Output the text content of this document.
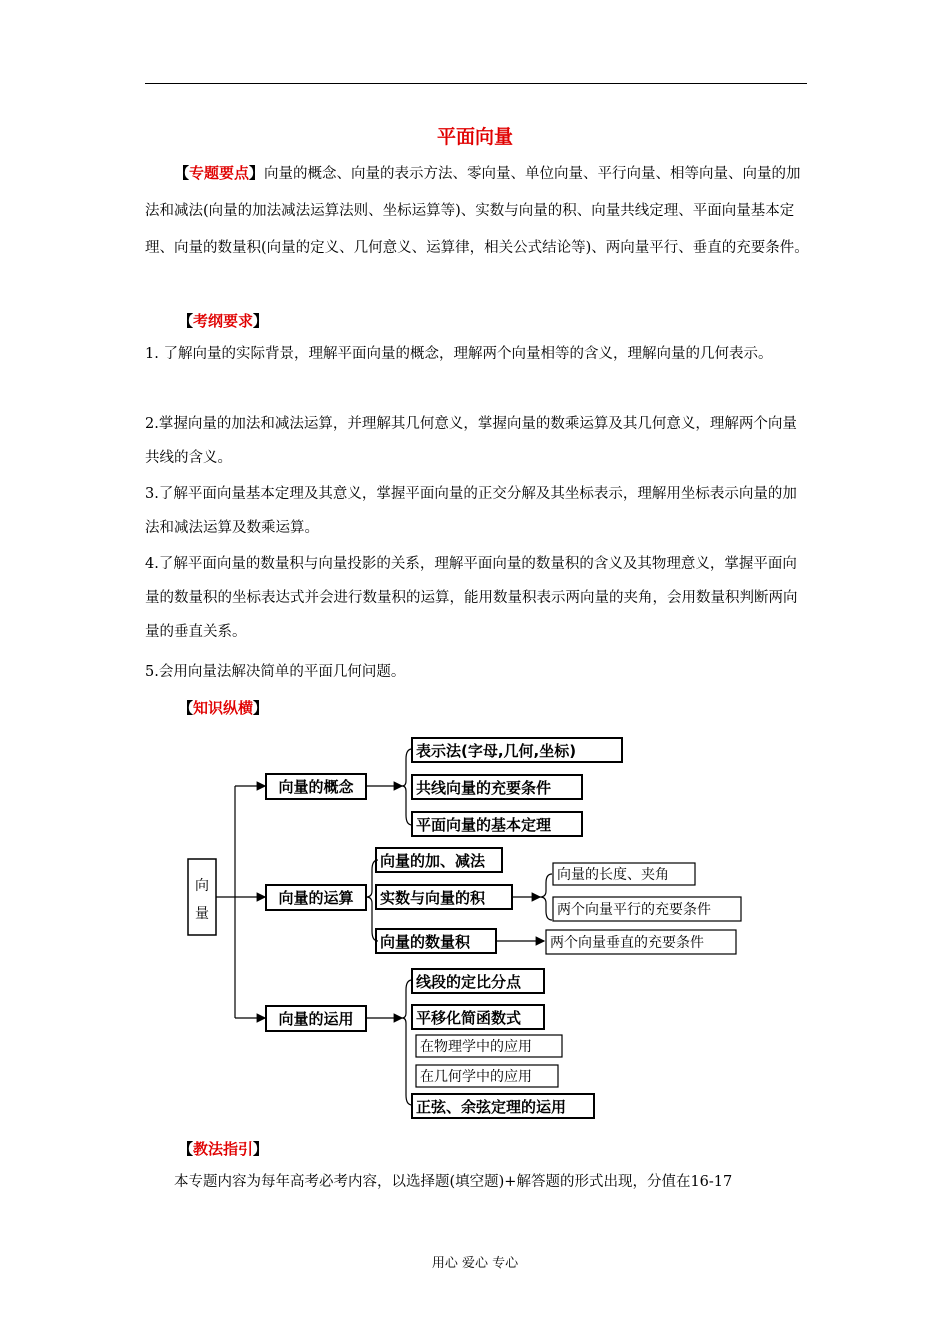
平面向量

【专题要点】向量的概念、向量的表示方法、零向量、单位向量、平行向量、相等向量、向量的加法和减法(向量的加法减法运算法则、坐标运算等)、实数与向量的积、向量共线定理、平面向量基本定理、向量的数量积(向量的定义、几何意义、运算律，相关公式结论等)、两向量平行、垂直的充要条件。

【考纲要求】

1. 了解向量的实际背景，理解平面向量的概念，理解两个向量相等的含义，理解向量的几何表示。

2.掌握向量的加法和减法运算，并理解其几何意义，掌握向量的数乘运算及其几何意义，理解两个向量共线的含义。

3.了解平面向量基本定理及其意义，掌握平面向量的正交分解及其坐标表示，理解用坐标表示向量的加法和减法运算及数乘运算。

4.了解平面向量的数量积与向量投影的关系，理解平面向量的数量积的含义及其物理意义，掌握平面向量的数量积的坐标表达式并会进行数量积的运算，能用数量积表示两向量的夹角，会用数量积判断两向量的垂直关系。

5.会用向量法解决简单的平面几何问题。

【知识纵横】
向
量
向量的概念
向量的运算
向量的运用
表示法(字母,几何,坐标)
共线向量的充要条件
平面向量的基本定理
向量的加、减法
实数与向量的积
向量的数量积
向量的长度、夹角
两个向量平行的充要条件
两个向量垂直的充要条件
线段的定比分点
平移化简函数式
在物理学中的应用
在几何学中的应用
正弦、余弦定理的运用
【教法指引】

本专题内容为每年高考必考内容，以选择题(填空题)+解答题的形式出现，分值在16-17

用心 爱心 专心
